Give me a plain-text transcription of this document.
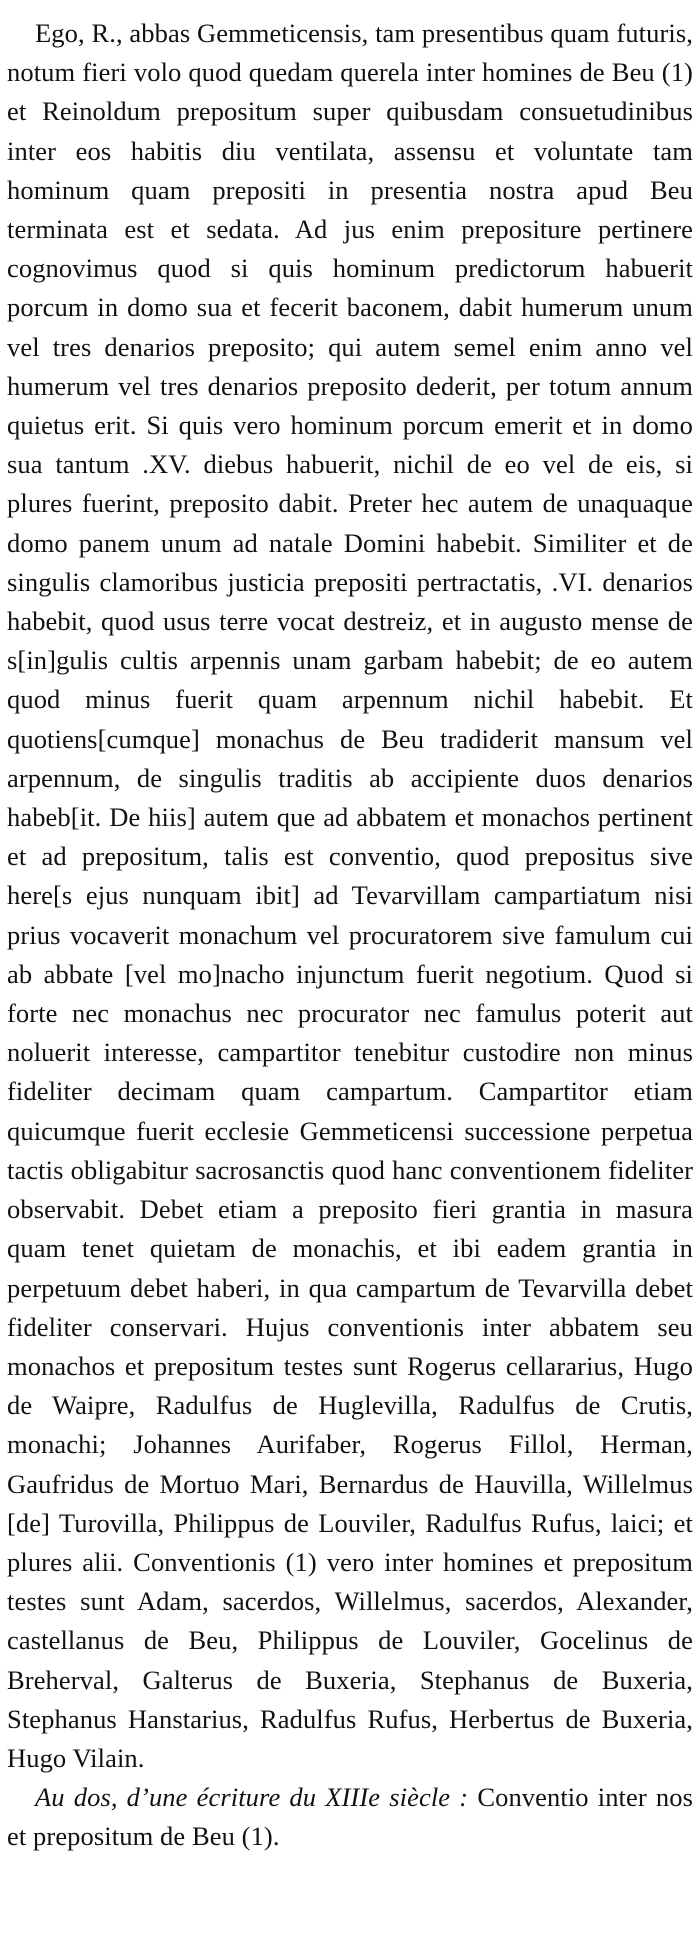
Ego, R., abbas Gemmeticensis, tam presentibus quam futuris, notum fieri volo quod quedam querela inter homines de Beu (1) et Reinoldum prepositum super quibusdam consuetudinibus inter eos habitis diu ventilata, assensu et voluntate tam hominum quam prepositi in presentia nostra apud Beu terminata est et sedata. Ad jus enim prepositure pertinere cognovimus quod si quis hominum predictorum habuerit porcum in domo sua et fecerit baconem, dabit humerum unum vel tres denarios preposito; qui autem semel enim anno vel humerum vel tres denarios preposito dederit, per totum annum quietus erit. Si quis vero hominum porcum emerit et in domo sua tantum .XV. diebus habuerit, nichil de eo vel de eis, si plures fuerint, preposito dabit. Preter hec autem de unaquaque domo panem unum ad natale Domini habebit. Similiter et de singulis clamoribus justicia prepositi pertractatis, .VI. denarios habebit, quod usus terre vocat destreiz, et in augusto mense de s[in]gulis cultis arpennis unam garbam habebit; de eo autem quod minus fuerit quam arpennum nichil habebit. Et quotiens[cumque] monachus de Beu tradiderit mansum vel arpennum, de singulis traditis ab accipiente duos denarios habeb[it. De hiis] autem que ad abbatem et monachos pertinent et ad prepositum, talis est conventio, quod prepositus sive here[s ejus nunquam ibit] ad Tevarvillam campartiatum nisi prius vocaverit monachum vel procuratorem sive famulum cui ab abbate [vel mo]nacho injunctum fuerit negotium. Quod si forte nec monachus nec procurator nec famulus poterit aut noluerit interesse, campartitor tenebitur custodire non minus fideliter decimam quam campartum. Campartitor etiam quicumque fuerit ecclesie Gemmeticensi successione perpetua tactis obligabitur sacrosanctis quod hanc conventionem fideliter observabit. Debet etiam a preposito fieri grantia in masura quam tenet quietam de monachis, et ibi eadem grantia in perpetuum debet haberi, in qua campartum de Tevarvilla debet fideliter conservari. Hujus conventionis inter abbatem seu monachos et prepositum testes sunt Rogerus cellararius, Hugo de Waipre, Radulfus de Huglevilla, Radulfus de Crutis, monachi; Johannes Aurifaber, Rogerus Fillol, Herman, Gaufridus de Mortuo Mari, Bernardus de Hauvilla, Willelmus [de] Turovilla, Philippus de Louviler, Radulfus Rufus, laici; et plures alii. Conventionis (1) vero inter homines et prepositum testes sunt Adam, sacerdos, Willelmus, sacerdos, Alexander, castellanus de Beu, Philippus de Louviler, Gocelinus de Breherval, Galterus de Buxeria, Stephanus de Buxeria, Stephanus Hanstarius, Radulfus Rufus, Herbertus de Buxeria, Hugo Vilain.

Au dos, d’une écriture du XIIIe siècle : Conventio inter nos et prepositum de Beu (1).
